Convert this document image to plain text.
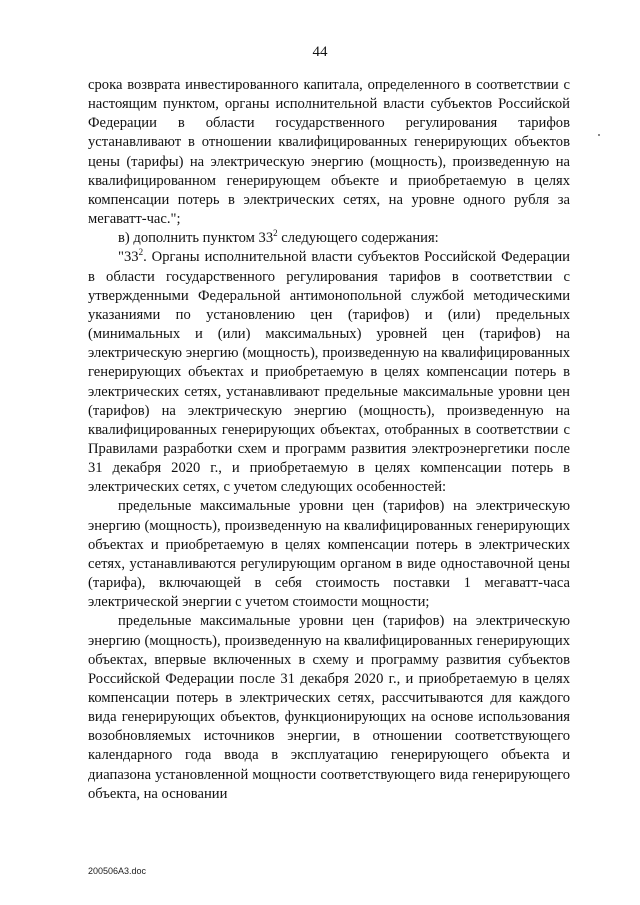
44

срока возврата инвестированного капитала, определенного в соответствии с настоящим пунктом, органы исполнительной власти субъектов Российской Федерации в области государственного регулирования тарифов устанавливают в отношении квалифицированных генерирующих объектов цены (тарифы) на электрическую энергию (мощность), произведенную на квалифицированном генерирующем объекте и приобретаемую в целях компенсации потерь в электрических сетях, на уровне одного рубля за мегаватт-час.";

в) дополнить пунктом $33^2$ следующего содержания:

"$33^2$. Органы исполнительной власти субъектов Российской Федерации в области государственного регулирования тарифов в соответствии с утвержденными Федеральной антимонопольной службой методическими указаниями по установлению цен (тарифов) и (или) предельных (минимальных и (или) максимальных) уровней цен (тарифов) на электрическую энергию (мощность), произведенную на квалифицированных генерирующих объектах и приобретаемую в целях компенсации потерь в электрических сетях, устанавливают предельные максимальные уровни цен (тарифов) на электрическую энергию (мощность), произведенную на квалифицированных генерирующих объектах, отобранных в соответствии с Правилами разработки схем и программ развития электроэнергетики после 31 декабря 2020 г., и приобретаемую в целях компенсации потерь в электрических сетях, с учетом следующих особенностей:

предельные максимальные уровни цен (тарифов) на электрическую энергию (мощность), произведенную на квалифицированных генерирующих объектах и приобретаемую в целях компенсации потерь в электрических сетях, устанавливаются регулирующим органом в виде одноставочной цены (тарифа), включающей в себя стоимость поставки 1 мегаватт-часа электрической энергии с учетом стоимости мощности;

предельные максимальные уровни цен (тарифов) на электрическую энергию (мощность), произведенную на квалифицированных генерирующих объектах, впервые включенных в схему и программу развития субъектов Российской Федерации после 31 декабря 2020 г., и приобретаемую в целях компенсации потерь в электрических сетях, рассчитываются для каждого вида генерирующих объектов, функционирующих на основе использования возобновляемых источников энергии, в отношении соответствующего календарного года ввода в эксплуатацию генерирующего объекта и диапазона установленной мощности соответствующего вида генерирующего объекта, на основании

200506A3.doc
